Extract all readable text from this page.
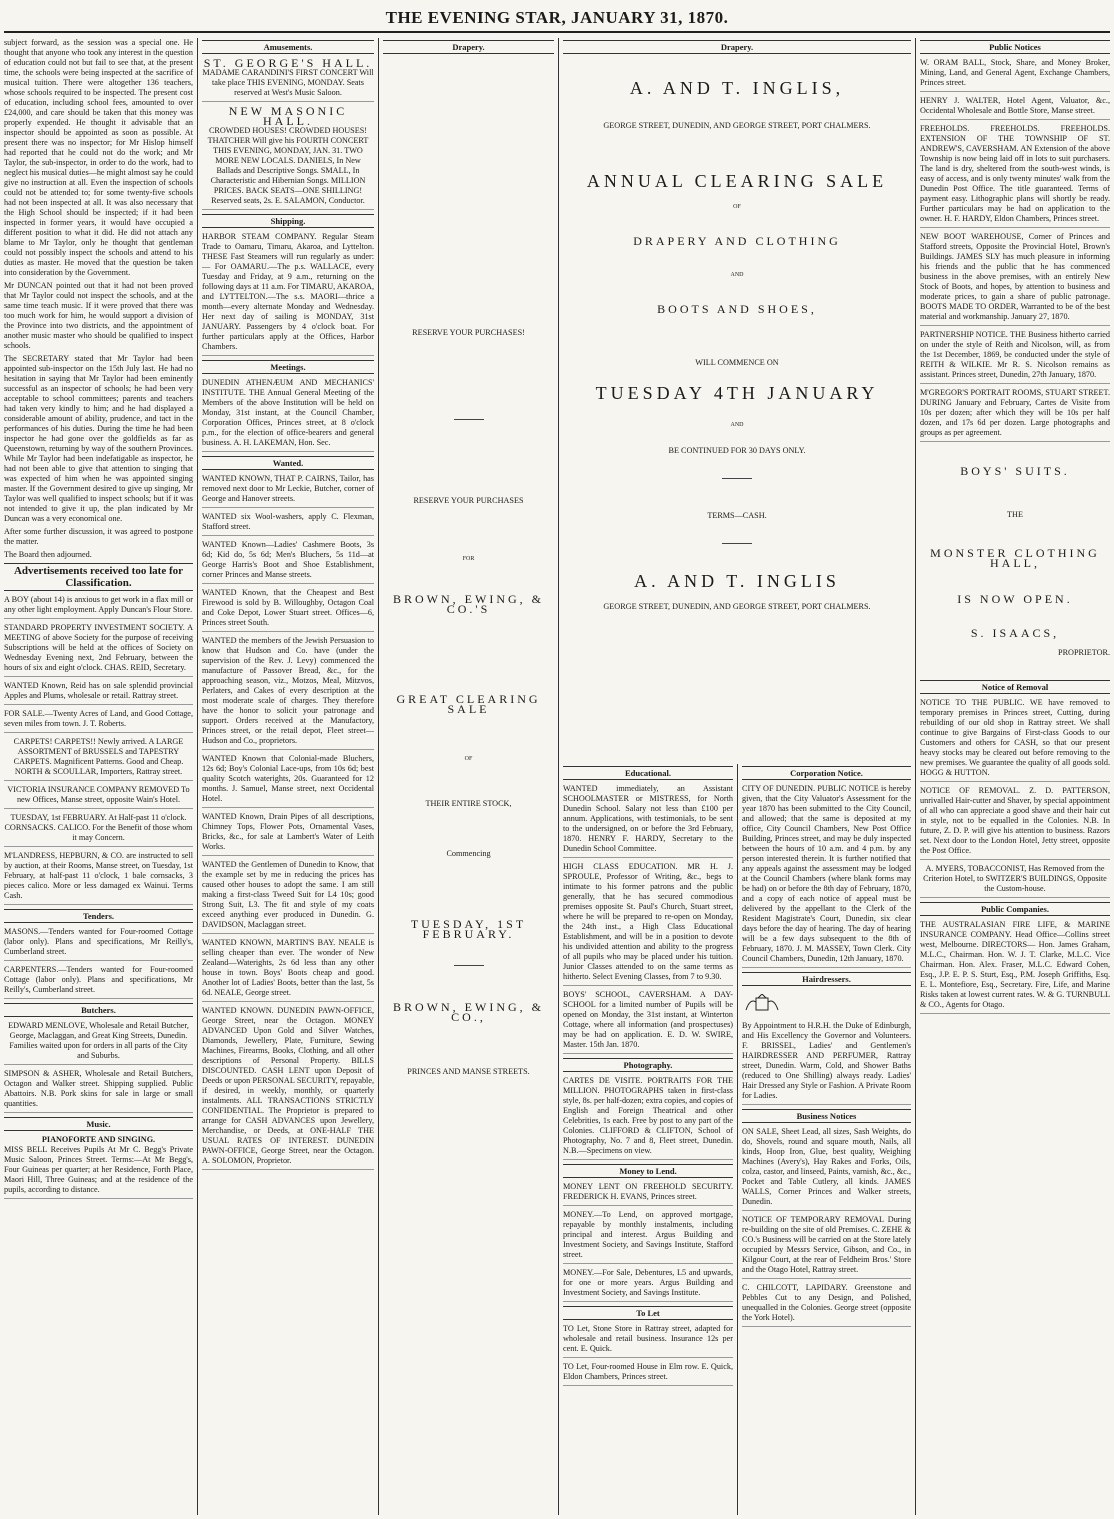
THE EVENING STAR, JANUARY 31, 1870.

subject forward, as the session was a special one. He thought that anyone who took any interest in the question of education could not but fail to see that, at the present time, the schools were being inspected at the sacrifice of musical tuition. There were altogether 136 teachers, whose schools required to be inspected. The present cost of education, including school fees, amounted to over £24,000, and care should be taken that this money was properly expended. He thought it advisable that an inspector should be appointed as soon as possible. At present there was no inspector; for Mr Hislop himself had reported that he could not do the work; and Mr Taylor, the sub-inspector, in order to do the work, had to neglect his musical duties—he might almost say he could give no instruction at all. Even the inspection of schools could not be attended to; for some twenty-five schools had not been inspected at all. It was also necessary that the High School should be inspected; if it had been inspected in former years, it would have occupied a different position to what it did. He did not attach any blame to Mr Taylor, only he thought that gentleman could not possibly inspect the schools and attend to his duties as master. He moved that the question be taken into consideration by the Government.

Mr DUNCAN pointed out that it had not been proved that Mr Taylor could not inspect the schools, and at the same time teach music. If it were proved that there was too much work for him, he would support a division of the Province into two districts, and the appointment of another music master who should be qualified to inspect schools.

The SECRETARY stated that Mr Taylor had been appointed sub-inspector on the 15th July last. He had no hesitation in saying that Mr Taylor had been eminently successful as an inspector of schools; he had been very acceptable to school committees; parents and teachers had taken very kindly to him; and he had displayed a considerable amount of ability, prudence, and tact in the performances of his duties. During the time he had been inspector he had gone over the goldfields as far as Queenstown, returning by way of the southern Provinces. While Mr Taylor had been indefatigable as inspector, he had not been able to give that attention to singing that was expected of him when he was appointed singing master. If the Government desired to give up singing, Mr Taylor was well qualified to inspect schools; but if it was not intended to give it up, the plan indicated by Mr Duncan was a very economical one.

After some further discussion, it was agreed to postpone the matter.

The Board then adjourned.

Advertisements received too late for Classification.
A BOY (about 14) is anxious to get work in a flax mill or any other light employment. Apply Duncan's Flour Store.
STANDARD PROPERTY INVESTMENT SOCIETY. A MEETING of above Society for the purpose of receiving Subscriptions will be held at the offices of Society on Wednesday Evening next, 2nd February, between the hours of six and eight o'clock. CHAS. REID, Secretary.
WANTED Known, Reid has on sale splendid provincial Apples and Plums, wholesale or retail. Rattray street.
FOR SALE.—Twenty Acres of Land, and Good Cottage, seven miles from town. J. T. Roberts.
CARPETS! CARPETS!! Newly arrived. A LARGE ASSORTMENT of BRUSSELS and TAPESTRY CARPETS. Magnificent Patterns. Good and Cheap. NORTH & SCOULLAR, Importers, Rattray street.
VICTORIA INSURANCE COMPANY REMOVED To new Offices, Manse street, opposite Wain's Hotel.
TUESDAY, 1st FEBRUARY. At Half-past 11 o'clock. CORNSACKS. CALICO. For the Benefit of those whom it may Concern.
M'LANDRESS, HEPBURN, & CO. are instructed to sell by auction, at their Rooms, Manse street, on Tuesday, 1st February, at half-past 11 o'clock, 1 bale cornsacks, 3 pieces calico. More or less damaged ex Wainui. Terms Cash.
Tenders.
MASONS.—Tenders wanted for Four-roomed Cottage (labor only). Plans and specifications, Mr Reilly's, Cumberland street.
CARPENTERS.—Tenders wanted for Four-roomed Cottage (labor only). Plans and specifications, Mr Reilly's, Cumberland street.
Butchers.
EDWARD MENLOVE, Wholesale and Retail Butcher, George, Maclaggan, and Great King Streets, Dunedin. Families waited upon for orders in all parts of the City and Suburbs.
SIMPSON & ASHER, Wholesale and Retail Butchers, Octagon and Walker street. Shipping supplied. Public Abattoirs. N.B. Pork skins for sale in large or small quantities.
Music.
PIANOFORTE AND SINGING.
MISS BELL Receives Pupils At Mr C. Begg's Private Music Saloon, Princes Street. Terms:—At Mr Begg's, Four Guineas per quarter; at her Residence, Forth Place, Maori Hill, Three Guineas; and at the residence of the pupils, according to distance.
Amusements.
ST. GEORGE'S HALL.
MADAME CARANDINI'S FIRST CONCERT Will take place THIS EVENING, MONDAY. Seats reserved at West's Music Saloon.
NEW MASONIC HALL.
CROWDED HOUSES! CROWDED HOUSES! THATCHER Will give his FOURTH CONCERT THIS EVENING, MONDAY, JAN. 31. TWO MORE NEW LOCALS. DANIELS, In New Ballads and Descriptive Songs. SMALL, In Characteristic and Hibernian Songs. MILLION PRICES. BACK SEATS—ONE SHILLING! Reserved seats, 2s. E. SALAMON, Conductor.
Shipping.
HARBOR STEAM COMPANY. Regular Steam Trade to Oamaru, Timaru, Akaroa, and Lyttelton. THESE Fast Steamers will run regularly as under:— For OAMARU.—The p.s. WALLACE, every Tuesday and Friday, at 9 a.m., returning on the following days at 11 a.m. For TIMARU, AKAROA, and LYTTELTON.—The s.s. MAORI—thrice a month—every alternate Monday and Wednesday. Her next day of sailing is MONDAY, 31st JANUARY. Passengers by 4 o'clock boat. For further particulars apply at the Offices, Harbor Chambers.
Meetings.
DUNEDIN ATHENÆUM AND MECHANICS' INSTITUTE. THE Annual General Meeting of the Members of the above Institution will be held on Monday, 31st instant, at the Council Chamber, Corporation Offices, Princes street, at 8 o'clock p.m., for the election of office-bearers and general business. A. H. LAKEMAN, Hon. Sec.
Wanted.
WANTED KNOWN, THAT P. CAIRNS, Tailor, has removed next door to Mr Leckie, Butcher, corner of George and Hanover streets.
WANTED six Wool-washers, apply C. Flexman, Stafford street.
WANTED Known—Ladies' Cashmere Boots, 3s 6d; Kid do, 5s 6d; Men's Bluchers, 5s 11d—at George Harris's Boot and Shoe Establishment, corner Princes and Manse streets.
WANTED Known, that the Cheapest and Best Firewood is sold by B. Willoughby, Octagon Coal and Coke Depot, Lower Stuart street. Offices—6, Princes street South.
WANTED the members of the Jewish Persuasion to know that Hudson and Co. have (under the supervision of the Rev. J. Levy) commenced the manufacture of Passover Bread, &c., for the approaching season, viz., Motzos, Meal, Mitzvos, Perlaters, and Cakes of every description at the most moderate scale of charges. They therefore have the honor to solicit your patronage and support. Orders received at the Manufactory, Princes street, or the retail depot, Fleet street—Hudson and Co., proprietors.
WANTED Known that Colonial-made Bluchers, 12s 6d; Boy's Colonial Lace-ups, from 10s 6d; best quality Scotch waterights, 20s. Guaranteed for 12 months. J. Samuel, Manse street, next Occidental Hotel.
WANTED Known, Drain Pipes of all descriptions, Chimney Tops, Flower Pots, Ornamental Vases, Bricks, &c., for sale at Lambert's Water of Leith Works.
WANTED the Gentlemen of Dunedin to Know, that the example set by me in reducing the prices has caused other houses to adopt the same. I am still making a first-class Tweed Suit for L4 10s; good Strong Suit, L3. The fit and style of my coats exceed anything ever produced in Dunedin. G. DAVIDSON, Maclaggan street.
WANTED KNOWN, MARTIN'S BAY. NEALE is selling cheaper than ever. The wonder of New Zealand—Waterights, 2s 6d less than any other house in town. Boys' Boots cheap and good. Another lot of Ladies' Boots, better than the last, 5s 6d. NEALE, George street.
WANTED KNOWN. DUNEDIN PAWN-OFFICE, George Street, near the Octagon. MONEY ADVANCED Upon Gold and Silver Watches, Diamonds, Jewellery, Plate, Furniture, Sewing Machines, Firearms, Books, Clothing, and all other descriptions of Personal Property. BILLS DISCOUNTED. CASH LENT upon Deposit of Deeds or upon PERSONAL SECURITY, repayable, if desired, in weekly, monthly, or quarterly instalments. ALL TRANSACTIONS STRICTLY CONFIDENTIAL. The Proprietor is prepared to arrange for CASH ADVANCES upon Jewellery, Merchandise, or Deeds, at ONE-HALF THE USUAL RATES OF INTEREST. DUNEDIN PAWN-OFFICE, George Street, near the Octagon. A. SOLOMON, Proprietor.
Drapery.
RESERVE YOUR PURCHASES!
RESERVE YOUR PURCHASES
FOR
BROWN, EWING, & CO.'S
GREAT CLEARING SALE
OF
THEIR ENTIRE STOCK,
Commencing
TUESDAY, 1ST FEBRUARY.
BROWN, EWING, & CO.,
PRINCES AND MANSE STREETS.
Drapery.
A. AND T. INGLIS,
GEORGE STREET, DUNEDIN, AND GEORGE STREET, PORT CHALMERS.
ANNUAL CLEARING SALE
OF
DRAPERY AND CLOTHING
AND
BOOTS AND SHOES,
WILL COMMENCE ON
TUESDAY 4TH JANUARY
AND
BE CONTINUED FOR 30 DAYS ONLY.
TERMS—CASH.
A. AND T. INGLIS
GEORGE STREET, DUNEDIN, AND GEORGE STREET, PORT CHALMERS.
Educational.
WANTED immediately, an Assistant SCHOOLMASTER or MISTRESS, for North Dunedin School. Salary not less than £100 per annum. Applications, with testimonials, to be sent to the undersigned, on or before the 3rd February, 1870. HENRY F. HARDY, Secretary to the Dunedin School Committee.
HIGH CLASS EDUCATION. MR H. J. SPROULE, Professor of Writing, &c., begs to intimate to his former patrons and the public generally, that he has secured commodious premises opposite St. Paul's Church, Stuart street, where he will be prepared to re-open on Monday, the 24th inst., a High Class Educational Establishment, and will be in a position to devote his undivided attention and ability to the progress of all pupils who may be placed under his tuition. Junior Classes attended to on the same terms as hitherto. Select Evening Classes, from 7 to 9.30.
BOYS' SCHOOL, CAVERSHAM. A DAY-SCHOOL for a limited number of Pupils will be opened on Monday, the 31st instant, at Winterton Cottage, where all information (and prospectuses) may be had on application. E. D. W. SWIRE, Master. 15th Jan. 1870.
Photography.
CARTES DE VISITE. PORTRAITS FOR THE MILLION. PHOTOGRAPHS taken in first-class style, 8s. per half-dozen; extra copies, and copies of English and Foreign Theatrical and other Celebrities, 1s each. Free by post to any part of the Colonies. CLIFFORD & CLIFTON, School of Photography, No. 7 and 8, Fleet street, Dunedin. N.B.—Specimens on view.
Money to Lend.
MONEY LENT ON FREEHOLD SECURITY. FREDERICK H. EVANS, Princes street.
MONEY.—To Lend, on approved mortgage, repayable by monthly instalments, including principal and interest. Argus Building and Investment Society, and Savings Institute, Stafford street.
MONEY.—For Sale, Debentures, L5 and upwards, for one or more years. Argus Building and Investment Society, and Savings Institute.
To Let
TO Let, Stone Store in Rattray street, adapted for wholesale and retail business. Insurance 12s per cent. E. Quick.
TO Let, Four-roomed House in Elm row. E. Quick, Eldon Chambers, Princes street.
Corporation Notice.
CITY OF DUNEDIN. PUBLIC NOTICE is hereby given, that the City Valuator's Assessment for the year 1870 has been submitted to the City Council, and allowed; that the same is deposited at my office, City Council Chambers, New Post Office Building, Princes street, and may be duly inspected between the hours of 10 a.m. and 4 p.m. by any person interested therein. It is further notified that any appeals against the assessment may be lodged at the Council Chambers (where blank forms may be had) on or before the 8th day of February, 1870, and a copy of each notice of appeal must be delivered by the appellant to the Clerk of the Resident Magistrate's Court, Dunedin, six clear days before the day of hearing. The day of hearing will be a few days subsequent to the 8th of February, 1870. J. M. MASSEY, Town Clerk. City Council Chambers, Dunedin, 12th January, 1870.
Hairdressers.
By Appointment to H.R.H. the Duke of Edinburgh, and His Excellency the Governor and Volunteers. F. BRISSEL, Ladies' and Gentlemen's HAIRDRESSER AND PERFUMER, Rattray street, Dunedin. Warm, Cold, and Shower Baths (reduced to One Shilling) always ready. Ladies' Hair Dressed any Style or Fashion. A Private Room for Ladies.
Business Notices
ON SALE, Sheet Lead, all sizes, Sash Weights, do do, Shovels, round and square mouth, Nails, all kinds, Hoop Iron, Glue, best quality, Weighing Machines (Avery's), Hay Rakes and Forks, Oils, colza, castor, and linseed, Paints, varnish, &c., &c., Pocket and Table Cutlery, all kinds. JAMES WALLS, Corner Princes and Walker streets, Dunedin.
NOTICE OF TEMPORARY REMOVAL During re-building on the site of old Premises. C. ZEHE & CO.'s Business will be carried on at the Store lately occupied by Messrs Service, Gibson, and Co., in Kilgour Court, at the rear of Feldheim Bros.' Store and the Otago Hotel, Rattray street.
C. CHILCOTT, LAPIDARY. Greenstone and Pebbles Cut to any Design, and Polished, unequalled in the Colonies. George street (opposite the York Hotel).
Public Notices
W. ORAM BALL, Stock, Share, and Money Broker, Mining, Land, and General Agent, Exchange Chambers, Princes street.
HENRY J. WALTER, Hotel Agent, Valuator, &c., Occidental Wholesale and Bottle Store, Manse street.
FREEHOLDS. FREEHOLDS. FREEHOLDS. EXTENSION OF THE TOWNSHIP OF ST. ANDREW'S, CAVERSHAM. AN Extension of the above Township is now being laid off in lots to suit purchasers. The land is dry, sheltered from the south-west winds, is easy of access, and is only twenty minutes' walk from the Dunedin Post Office. The title guaranteed. Terms of payment easy. Lithographic plans will shortly be ready. Further particulars may be had on application to the owner. H. F. HARDY, Eldon Chambers, Princes street.
NEW BOOT WAREHOUSE, Corner of Princes and Stafford streets, Opposite the Provincial Hotel, Brown's Buildings. JAMES SLY has much pleasure in informing his friends and the public that he has commenced business in the above premises, with an entirely New Stock of Boots, and hopes, by attention to business and moderate prices, to gain a share of public patronage. BOOTS MADE TO ORDER, Warranted to be of the best material and workmanship. January 27, 1870.
PARTNERSHIP NOTICE. THE Business hitherto carried on under the style of Reith and Nicolson, will, as from the 1st December, 1869, be conducted under the style of REITH & WILKIE. Mr R. S. Nicolson remains as assistant. Princes street, Dunedin, 27th January, 1870.
M'GREGOR'S PORTRAIT ROOMS, STUART STREET. DURING January and February, Cartes de Visite from 10s per dozen; after which they will be 10s per half dozen, and 17s 6d per dozen. Large photographs and groups as per agreement.
BOYS' SUITS.
THE
MONSTER CLOTHING HALL,
IS NOW OPEN.
S. ISAACS,
PROPRIETOR.
Notice of Removal
NOTICE TO THE PUBLIC. WE have removed to temporary premises in Princes street, Cutting, during rebuilding of our old shop in Rattray street. We shall continue to give Bargains of First-class Goods to our Customers and others for CASH, so that our present heavy stocks may be cleared out before removing to the new premises. We guarantee the quality of all goods sold. HOGG & HUTTON.
NOTICE OF REMOVAL. Z. D. PATTERSON, unrivalled Hair-cutter and Shaver, by special appointment of all who can appreciate a good shave and their hair cut in style, not to be equalled in the Colonies. N.B. In future, Z. D. P. will give his attention to business. Razors set. Next door to the London Hotel, Jetty street, opposite the Post Office.
A. MYERS, TOBACCONIST, Has Removed from the Criterion Hotel, to SWITZER'S BUILDINGS, Opposite the Custom-house.
Public Companies.
THE AUSTRALASIAN FIRE LIFE, & MARINE INSURANCE COMPANY. Head Office—Collins street west, Melbourne. DIRECTORS— Hon. James Graham, M.L.C., Chairman. Hon. W. J. T. Clarke, M.L.C. Vice Chairman. Hon. Alex. Fraser, M.L.C. Edward Cohen, Esq., J.P. E. P. S. Sturt, Esq., P.M. Joseph Griffiths, Esq. E. L. Montefiore, Esq., Secretary. Fire, Life, and Marine Risks taken at lowest current rates. W. & G. TURNBULL & CO., Agents for Otago.
